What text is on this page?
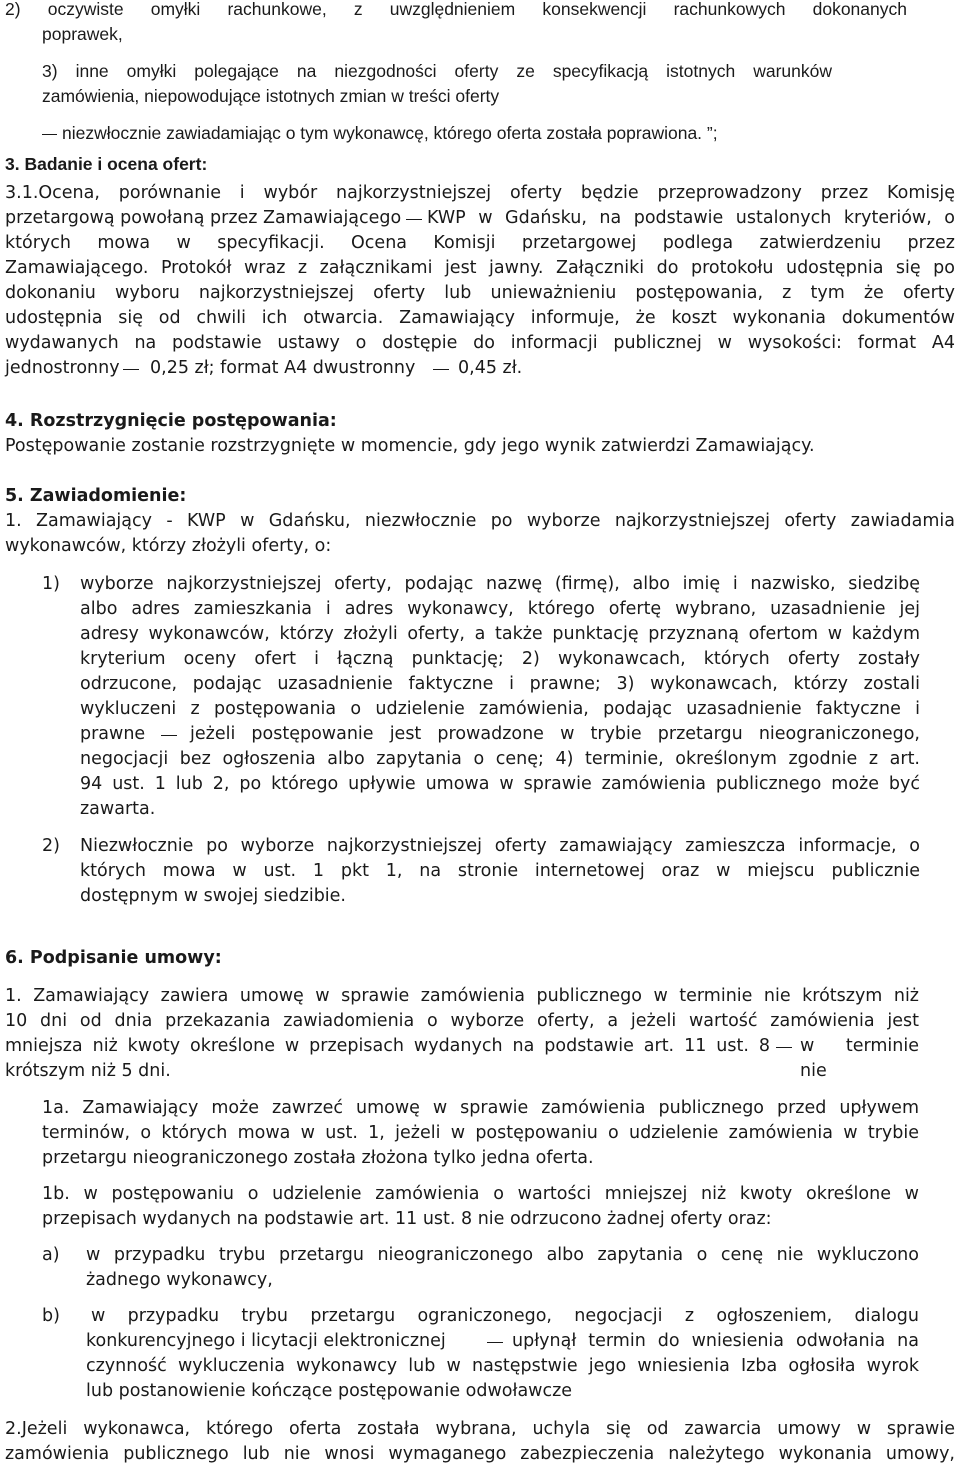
2) oczywiste omyłki rachunkowe, z uwzględnieniem konsekwencji rachunkowych dokonanych
poprawek,
3) inne omyłki polegające na niezgodności oferty ze specyfikacją istotnych warunków
zamówienia, niepowodujące istotnych zmian w treści oferty
niezwłocznie zawiadamiając o tym wykonawcę, którego oferta została poprawiona. ”;
3. Badanie i ocena ofert:
3.1.Ocena, porównanie i wybór najkorzystniejszej oferty będzie przeprowadzony przez Komisję
przetargową powołaną przez Zamawiającego KWP w Gdańsku, na podstawie ustalonych kryteriów, o
których mowa w specyfikacji. Ocena Komisji przetargowej podlega zatwierdzeniu przez
Zamawiającego. Protokół wraz z załącznikami jest jawny. Załączniki do protokołu udostępnia się po
dokonaniu wyboru najkorzystniejszej oferty lub unieważnieniu postępowania, z tym że oferty
udostępnia się od chwili ich otwarcia. Zamawiający informuje, że koszt wykonania dokumentów
wydawanych na podstawie ustawy o dostępie do informacji publicznej w wysokości: format A4
jednostronny 0,25 zł; format A4 dwustronny 0,45 zł.
4. Rozstrzygnięcie postępowania:
Postępowanie zostanie rozstrzygnięte w momencie, gdy jego wynik zatwierdzi Zamawiający.
5. Zawiadomienie:
1. Zamawiający - KWP w Gdańsku, niezwłocznie po wyborze najkorzystniejszej oferty zawiadamia
wykonawców, którzy złożyli oferty, o:
1) wyborze najkorzystniejszej oferty, podając nazwę (firmę), albo imię i nazwisko, siedzibę
albo adres zamieszkania i adres wykonawcy, którego ofertę wybrano, uzasadnienie jej
adresy wykonawców, którzy złożyli oferty, a także punktację przyznaną ofertom w każdym
kryterium oceny ofert i łączną punktację; 2) wykonawcach, których oferty zostały
odrzucone, podając uzasadnienie faktyczne i prawne; 3) wykonawcach, którzy zostali
wykluczeni z postępowania o udzielenie zamówienia, podając uzasadnienie faktyczne i
prawne	jeżeli postępowanie jest prowadzone w trybie przetargu nieograniczonego,
negocjacji bez ogłoszenia albo zapytania o cenę; 4) terminie, określonym zgodnie z art.
94 ust. 1 lub 2, po którego upływie umowa w sprawie zamówienia publicznego może być
zawarta.
2) Niezwłocznie po wyborze najkorzystniejszej oferty zamawiający zamieszcza informacje, o
których mowa w ust. 1 pkt 1, na stronie internetowej oraz w miejscu publicznie
dostępnym w swojej siedzibie.
6. Podpisanie umowy:
1. Zamawiający zawiera umowę w sprawie zamówienia publicznego w terminie nie krótszym niż
10 dni od dnia przekazania zawiadomienia o wyborze oferty, a jeżeli wartość zamówienia jest
mniejsza niż kwoty określone w przepisach wydanych na podstawie art. 11 ust. 8 w terminie nie
krótszym niż 5 dni.
1a. Zamawiający może zawrzeć umowę w sprawie zamówienia publicznego przed upływem
terminów, o których mowa w ust. 1, jeżeli w postępowaniu o udzielenie zamówienia w trybie
przetargu nieograniczonego została złożona tylko jedna oferta.
1b. w postępowaniu o udzielenie zamówienia o wartości mniejszej niż kwoty określone w
przepisach wydanych na podstawie art. 11 ust. 8 nie odrzucono żadnej oferty oraz:
a) w przypadku trybu przetargu nieograniczonego albo zapytania o cenę nie wykluczono
żadnego wykonawcy,
b) w przypadku trybu przetargu ograniczonego, negocjacji z ogłoszeniem, dialogu
konkurencyjnego i licytacji elektronicznej	upłynął termin do wniesienia odwołania na
czynność wykluczenia wykonawcy lub w następstwie jego wniesienia Izba ogłosiła wyrok
lub postanowienie kończące postępowanie odwoławcze
2.Jeżeli wykonawca, którego oferta została wybrana, uchyla się od zawarcia umowy w sprawie
zamówienia publicznego lub nie wnosi wymaganego zabezpieczenia należytego wykonania umowy,
